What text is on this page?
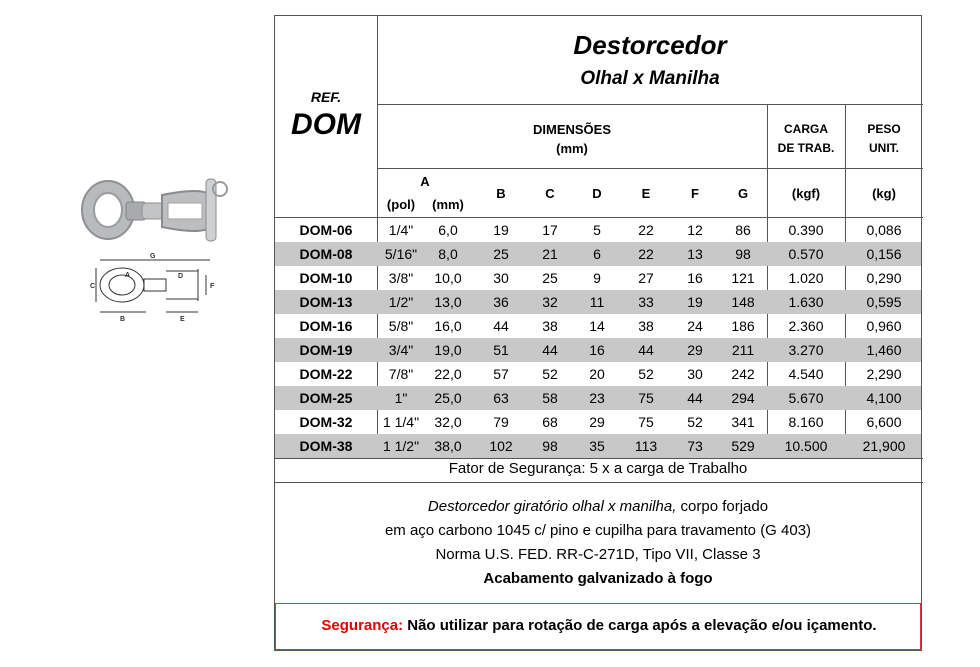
G
A
C
B
D
F
E
REF.
DOM
Destorcedor
Olhal x Manilha
DIMENSÕES
(mm)
CARGA
DE TRAB.
PESO
UNIT.
A
(pol)	(mm)
B	C	D	E	F	G	(kgf)	(kg)
DOM-06	1/4"	6,0	19	17	5	22	12	86	0.390	0,086
DOM-08	5/16"	8,0	25	21	6	22	13	98	0.570	0,156
DOM-10	3/8"	10,0	30	25	9	27	16	121	1.020	0,290
DOM-13	1/2"	13,0	36	32	11	33	19	148	1.630	0,595
DOM-16	5/8"	16,0	44	38	14	38	24	186	2.360	0,960
DOM-19	3/4"	19,0	51	44	16	44	29	211	3.270	1,460
DOM-22	7/8"	22,0	57	52	20	52	30	242	4.540	2,290
DOM-25	1"	25,0	63	58	23	75	44	294	5.670	4,100
DOM-32	1 1/4"	32,0	79	68	29	75	52	341	8.160	6,600
DOM-38	1 1/2"	38,0	102	98	35	113	73	529	10.500	21,900
Fator de Segurança: 5 x a carga de Trabalho
Destorcedor giratório olhal x manilha, corpo forjado
em aço carbono 1045 c/ pino e cupilha para travamento (G 403)
Norma U.S. FED. RR-C-271D, Tipo VII, Classe 3
Acabamento galvanizado à fogo
Segurança: Não utilizar para rotação de carga após a elevação e/ou içamento.
